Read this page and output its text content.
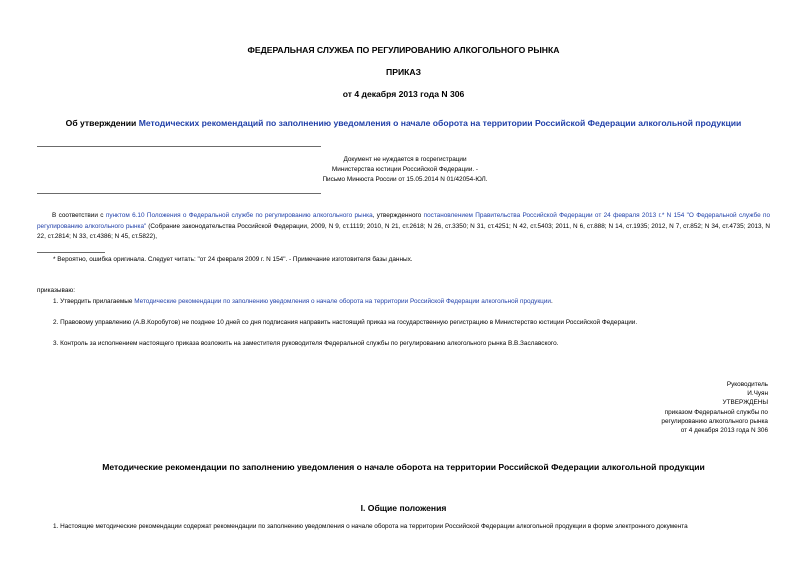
ФЕДЕРАЛЬНАЯ СЛУЖБА ПО РЕГУЛИРОВАНИЮ АЛКОГОЛЬНОГО РЫНКА
ПРИКАЗ
от 4 декабря 2013 года N 306
Об утверждении Методических рекомендаций по заполнению уведомления о начале оборота на территории Российской Федерации алкогольной продукции
Документ не нуждается в госрегистрации
Министерства юстиции Российской Федерации. -
Письмо Минюста России от 15.05.2014 N 01/42054-ЮЛ.
В соответствии с пунктом 6.10 Положения о Федеральной службе по регулированию алкогольного рынка, утвержденного постановлением Правительства Российской Федерации от 24 февраля 2013 г.* N 154 "О Федеральной службе по регулированию алкогольного рынка" (Собрание законодательства Российской Федерации, 2009, N 9, ст.1119; 2010, N 21, ст.2618; N 26, ст.3350; N 31, ст.4251; N 42, ст.5403; 2011, N 6, ст.888; N 14, ст.1935; 2012, N 7, ст.852; N 34, ст.4735; 2013, N 22, ст.2814; N 33, ст.4386; N 45, ст.5822),
* Вероятно, ошибка оригинала. Следует читать: "от 24 февраля 2009 г. N 154". - Примечание изготовителя базы данных.
приказываю:
1. Утвердить прилагаемые Методические рекомендации по заполнению уведомления о начале оборота на территории Российской Федерации алкогольной продукции.
2. Правовому управлению (А.В.Коробутов) не позднее 10 дней со дня подписания направить настоящий приказ на государственную регистрацию в Министерство юстиции Российской Федерации.
3. Контроль за исполнением настоящего приказа возложить на заместителя руководителя Федеральной службы по регулированию алкогольного рынка В.В.Заславского.
Руководитель
И.Чуян
УТВЕРЖДЕНЫ
приказом Федеральной службы по
регулированию алкогольного рынка
от 4 декабря 2013 года N 306
Методические рекомендации по заполнению уведомления о начале оборота на территории Российской Федерации алкогольной продукции
I. Общие положения
1. Настоящие методические рекомендации содержат рекомендации по заполнению уведомления о начале оборота на территории Российской Федерации алкогольной продукции в форме электронного документа
